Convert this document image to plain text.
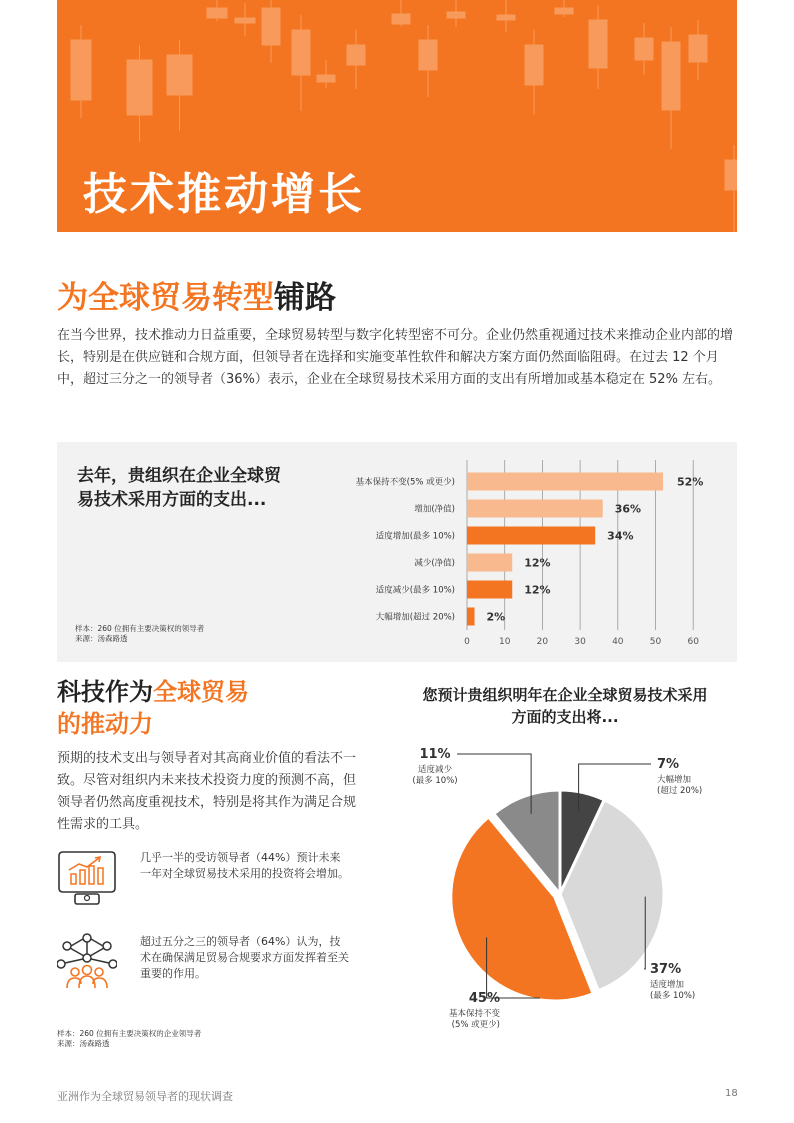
技术推动增长
为全球贸易转型铺路
在当今世界，技术推动力日益重要，全球贸易转型与数字化转型密不可分。企业仍然重视通过技术来推动企业内部的增长，特别是在供应链和合规方面，但领导者在选择和实施变革性软件和解决方案方面仍然面临阻碍。在过去 12 个月中，超过三分之一的领导者（36%）表示，企业在全球贸易技术采用方面的支出有所增加或基本稳定在 52% 左右。
去年，贵组织在企业全球贸易技术采用方面的支出...
样本：260 位拥有主要决策权的领导者
来源：汤森路透	0	10	20	30	40	50	60
基本保持不变(5% 或更少)	52%
增加(净值)	36%
适度增加(最多 10%)	34%
减少(净值)	12%
适度减少(最多 10%)	12%
大幅增加(超过 20%)	2%
科技作为全球贸易
的推动力
预期的技术支出与领导者对其高商业价值的看法不一致。尽管对组织内未来技术投资力度的预测不高，但领导者仍然高度重视技术，特别是将其作为满足合规性需求的工具。
几乎一半的受访领导者（44%）预计未来一年对全球贸易技术采用的投资将会增加。
超过五分之三的领导者（64%）认为，技术在确保满足贸易合规要求方面发挥着至关重要的作用。
样本：260 位拥有主要决策权的企业领导者
来源：汤森路透
您预计贵组织明年在企业全球贸易技术采用方面的支出将...
7%
大幅增加
(超过 20%)
37%
适度增加
(最多 10%)
45%
基本保持不变
(5% 或更少)
11%
适度减少
(最多 10%)
亚洲作为全球贸易领导者的现状调查	18
